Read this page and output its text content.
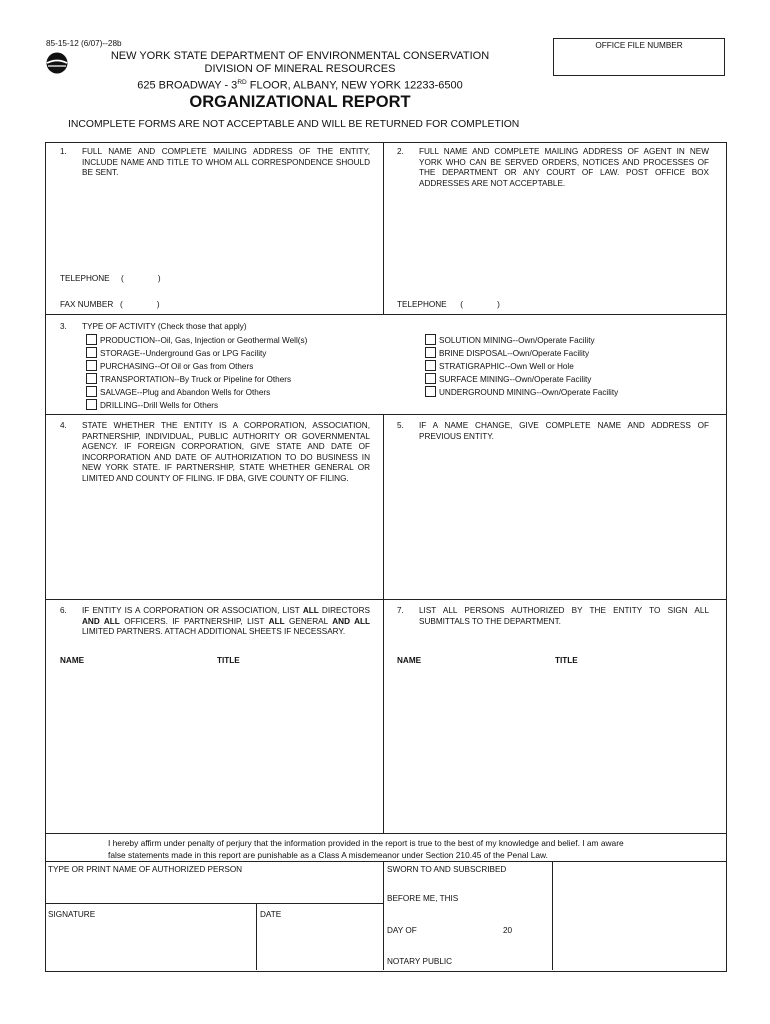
85-15-12 (6/07)--28b
NEW YORK STATE DEPARTMENT OF ENVIRONMENTAL CONSERVATION
DIVISION OF MINERAL RESOURCES
625 BROADWAY - 3RD FLOOR, ALBANY, NEW YORK 12233-6500
OFFICE FILE NUMBER
ORGANIZATIONAL REPORT
INCOMPLETE FORMS ARE NOT ACCEPTABLE AND WILL BE RETURNED FOR COMPLETION
1. FULL NAME AND COMPLETE MAILING ADDRESS OF THE ENTITY, INCLUDE NAME AND TITLE TO WHOM ALL CORRESPONDENCE SHOULD BE SENT.
TELEPHONE     (               )
FAX NUMBER   (               )
2. FULL NAME AND COMPLETE MAILING ADDRESS OF AGENT IN NEW YORK WHO CAN BE SERVED ORDERS, NOTICES AND PROCESSES OF THE DEPARTMENT OR ANY COURT OF LAW. POST OFFICE BOX ADDRESSES ARE NOT ACCEPTABLE.
TELEPHONE      (               )
3. TYPE OF ACTIVITY (Check those that apply)
PRODUCTION--Oil, Gas, Injection or Geothermal Well(s)
STORAGE--Underground Gas or LPG Facility
PURCHASING--Of Oil or Gas from Others
TRANSPORTATION--By Truck or Pipeline for Others
SALVAGE--Plug and Abandon Wells for Others
DRILLING--Drill Wells for Others
SOLUTION MINING--Own/Operate Facility
BRINE DISPOSAL--Own/Operate Facility
STRATIGRAPHIC--Own Well or Hole
SURFACE MINING--Own/Operate Facility
UNDERGROUND MINING--Own/Operate Facility
4. STATE WHETHER THE ENTITY IS A CORPORATION, ASSOCIATION, PARTNERSHIP, INDIVIDUAL, PUBLIC AUTHORITY OR GOVERNMENTAL AGENCY. IF FOREIGN CORPORATION, GIVE STATE AND DATE OF INCORPORATION AND DATE OF AUTHORIZATION TO DO BUSINESS IN NEW YORK STATE. IF PARTNERSHIP, STATE WHETHER GENERAL OR LIMITED AND COUNTY OF FILING. IF DBA, GIVE COUNTY OF FILING.
5. IF A NAME CHANGE, GIVE COMPLETE NAME AND ADDRESS OF PREVIOUS ENTITY.
6. IF ENTITY IS A CORPORATION OR ASSOCIATION, LIST ALL DIRECTORS AND ALL OFFICERS. IF PARTNERSHIP, LIST ALL GENERAL AND ALL LIMITED PARTNERS. ATTACH ADDITIONAL SHEETS IF NECESSARY.
NAME	TITLE
7. LIST ALL PERSONS AUTHORIZED BY THE ENTITY TO SIGN ALL SUBMITTALS TO THE DEPARTMENT.
NAME	TITLE
I hereby affirm under penalty of perjury that the information provided in the report is true to the best of my knowledge and belief. I am aware
false statements made in this report are punishable as a Class A misdemeanor under Section 210.45 of the Penal Law.
TYPE OR PRINT NAME OF AUTHORIZED PERSON
SIGNATURE	DATE
SWORN TO AND SUBSCRIBED
BEFORE ME, THIS
DAY OF	20
NOTARY PUBLIC
